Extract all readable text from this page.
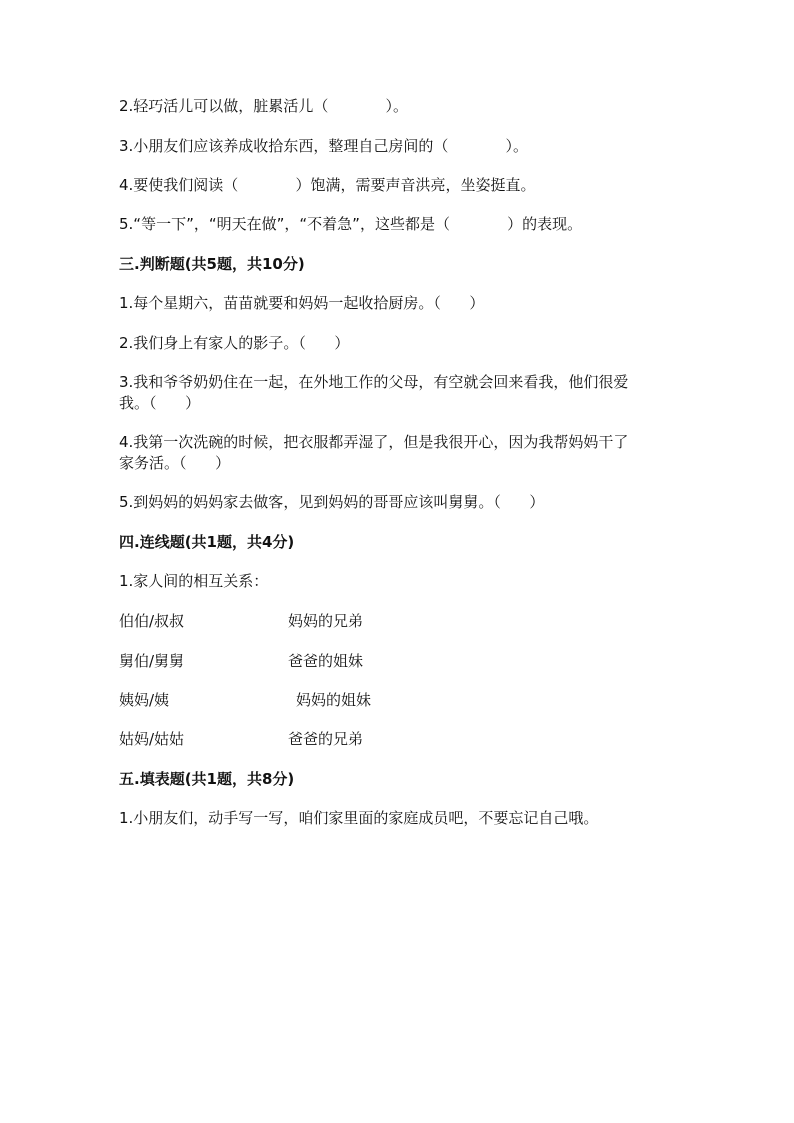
2.轻巧活儿可以做，脏累活儿（            ）。
3.小朋友们应该养成收拾东西，整理自己房间的（            ）。
4.要使我们阅读（            ）饱满，需要声音洪亮，坐姿挺直。
5.“等一下”，“明天在做”，“不着急”，这些都是（            ）的表现。
三.判断题(共5题，共10分)
1.每个星期六，苗苗就要和妈妈一起收拾厨房。（      ）
2.我们身上有家人的影子。（      ）
3.我和爷爷奶奶住在一起，在外地工作的父母，有空就会回来看我，他们很爱
我。（      ）
4.我第一次洗碗的时候，把衣服都弄湿了，但是我很开心，因为我帮妈妈干了
家务活。（      ）
5.到妈妈的妈妈家去做客，见到妈妈的哥哥应该叫舅舅。（      ）
四.连线题(共1题，共4分)
1.家人间的相互关系：
伯伯/叔叔	妈妈的兄弟
舅伯/舅舅	爸爸的姐妹
姨妈/姨	妈妈的姐妹
姑妈/姑姑	爸爸的兄弟
五.填表题(共1题，共8分)
1.小朋友们，动手写一写，咱们家里面的家庭成员吧，不要忘记自己哦。
